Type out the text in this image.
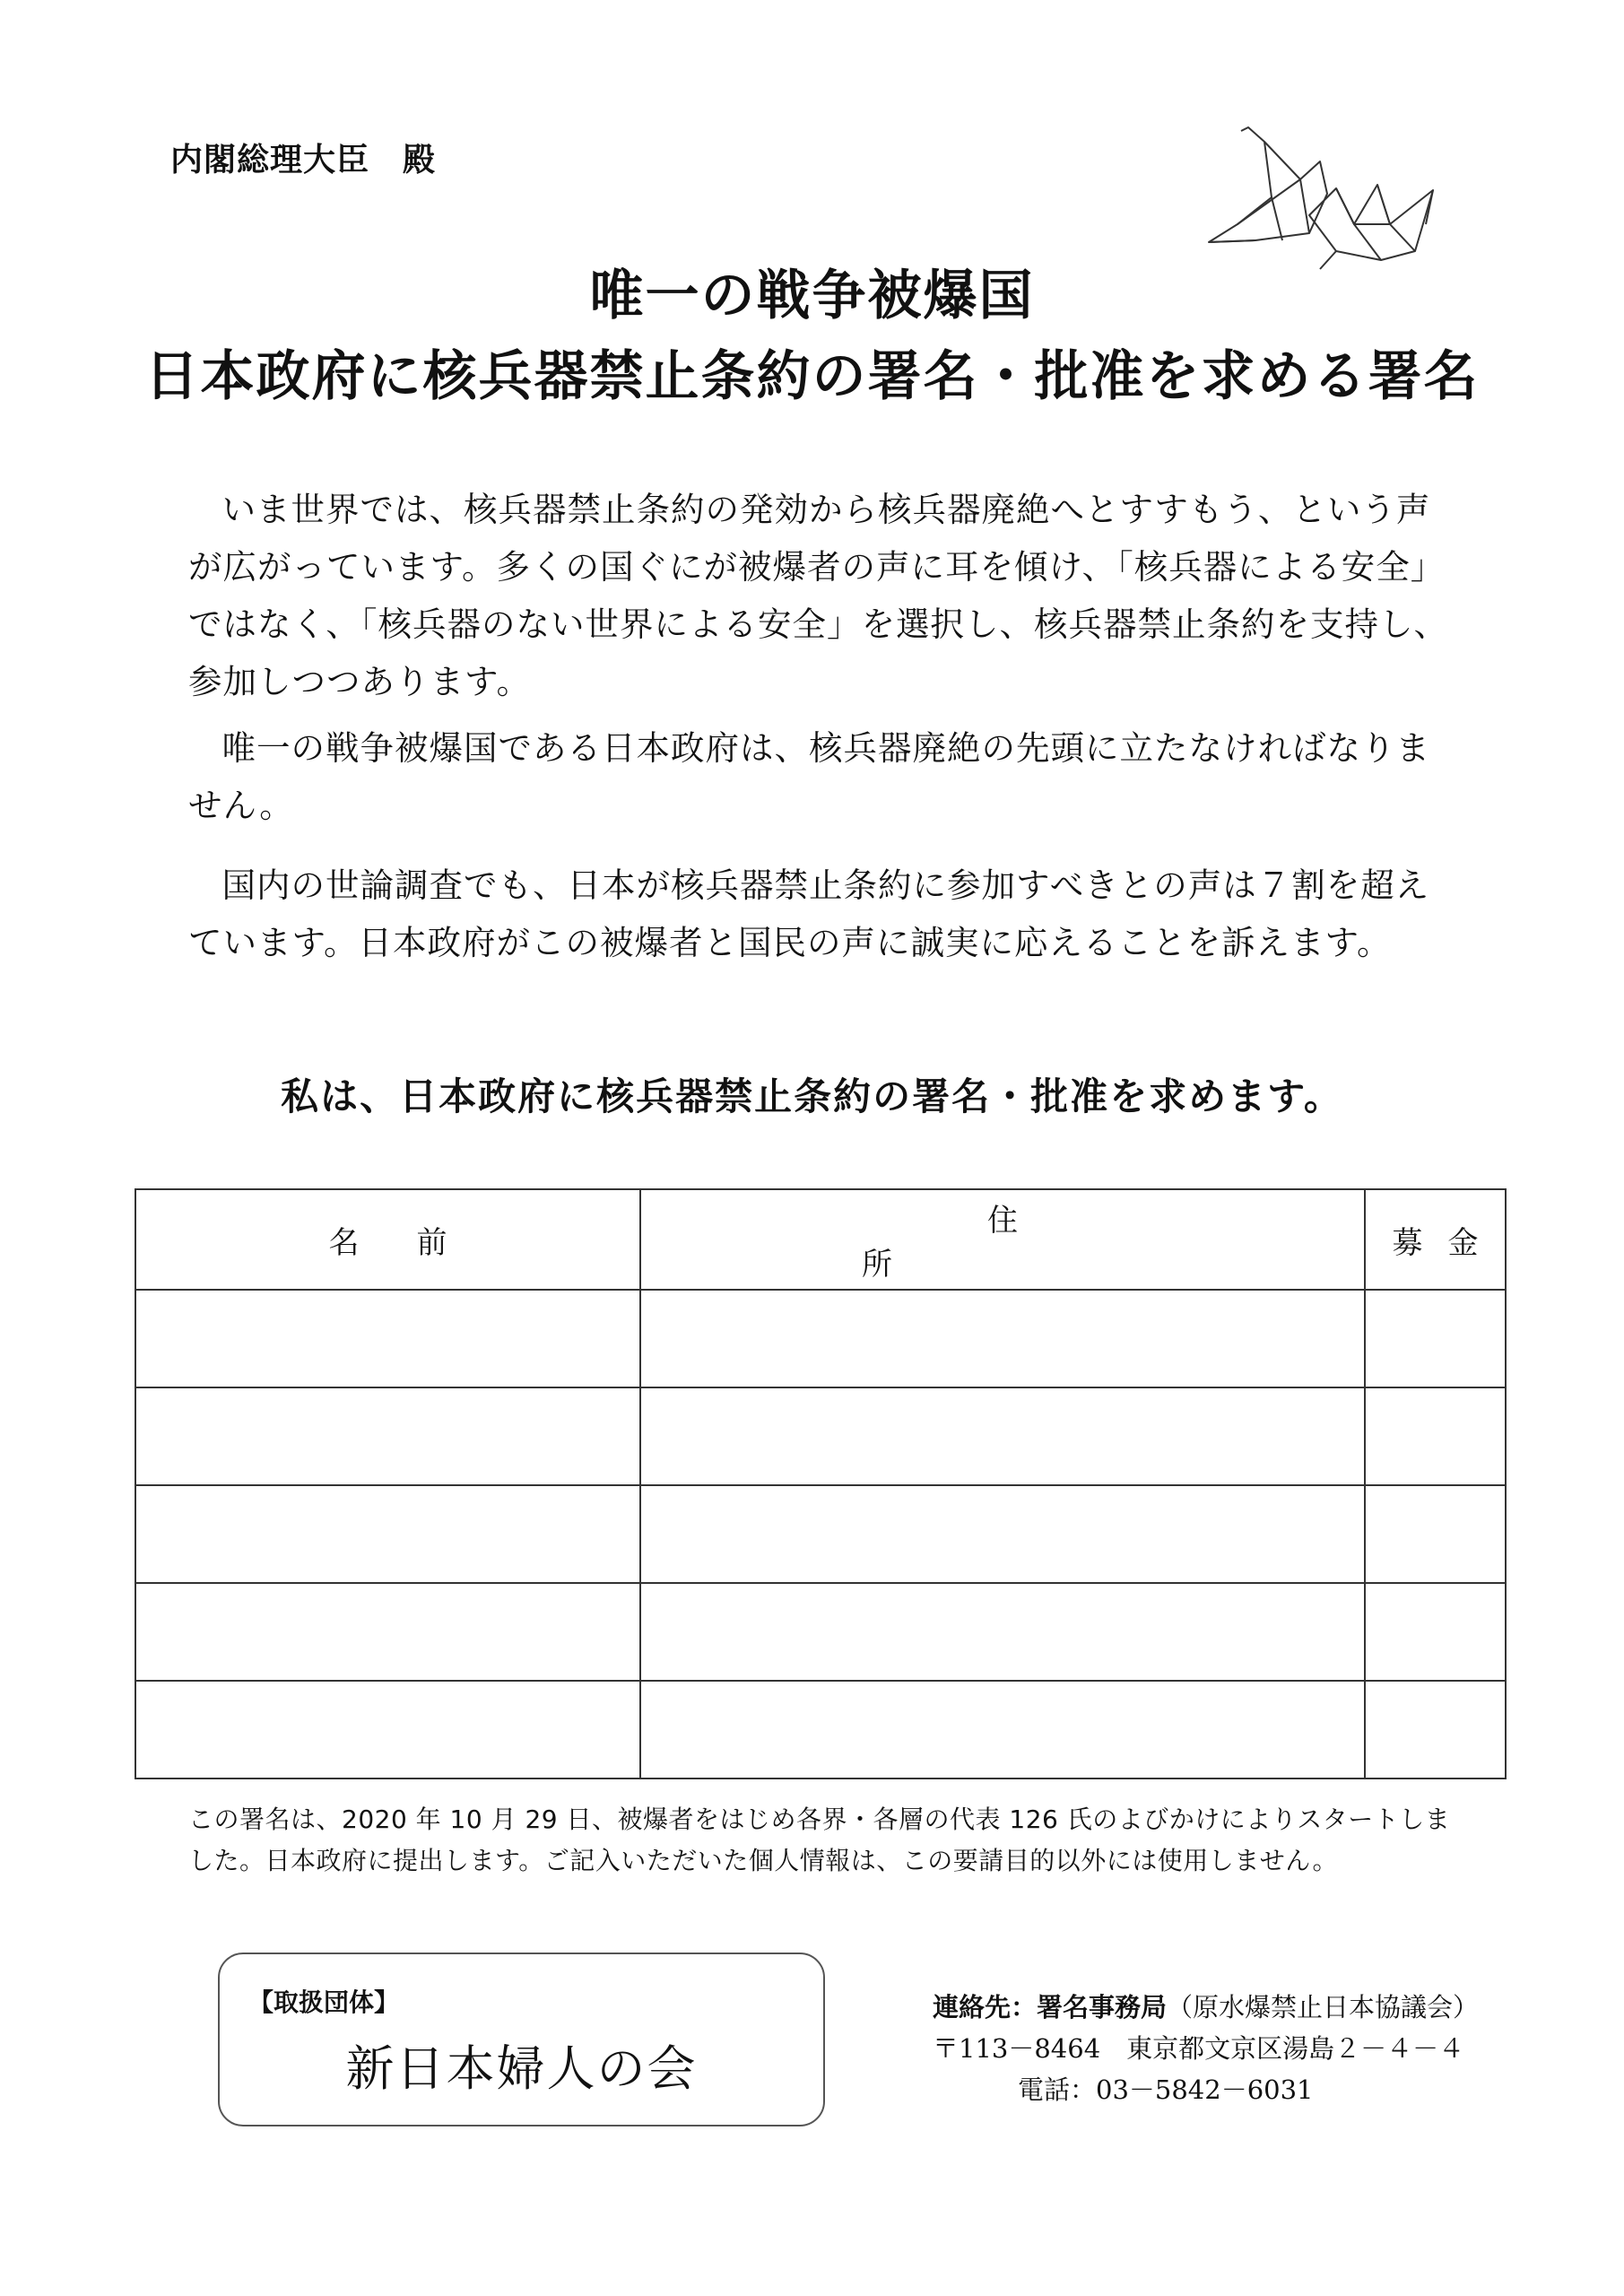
内閣総理大臣　殿
唯一の戦争被爆国
日本政府に核兵器禁止条約の署名・批准を求める署名

いま世界では、核兵器禁止条約の発効から核兵器廃絶へとすすもう、という声が広がっています。多くの国ぐにが被爆者の声に耳を傾け、「核兵器による安全」ではなく、「核兵器のない世界による安全」を選択し、核兵器禁止条約を支持し、参加しつつあります。

唯一の戦争被爆国である日本政府は、核兵器廃絶の先頭に立たなければなりません。

国内の世論調査でも、日本が核兵器禁止条約に参加すべきとの声は７割を超えています。日本政府がこの被爆者と国民の声に誠実に応えることを訴えます。

私は、日本政府に核兵器禁止条約の署名・批准を求めます。
名前	住所	募金

この署名は、2020 年 10 月 29 日、被爆者をはじめ各界・各層の代表 126 氏のよびかけによりスタートしました。日本政府に提出します。ご記入いただいた個人情報は、この要請目的以外には使用しません。

【取扱団体】
新日本婦人の会
連絡先：署名事務局（原水爆禁止日本協議会）
〒113－8464　東京都文京区湯島２－４－４
電話：03－5842－6031
